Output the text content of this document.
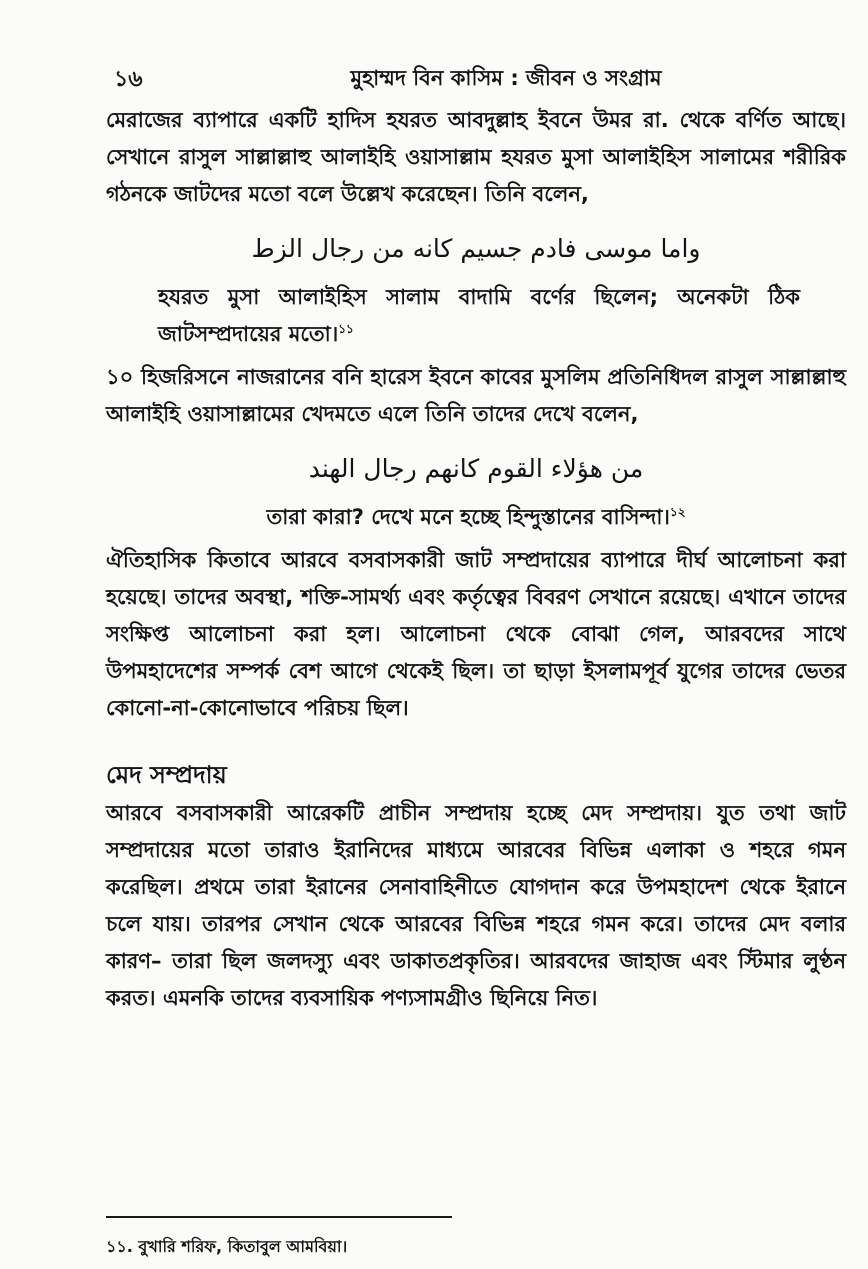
১৬	মুহাম্মদ বিন কাসিম : জীবন ও সংগ্রাম

মেরাজের ব্যাপারে একটি হাদিস হযরত আবদুল্লাহ ইবনে উমর রা. থেকে বর্ণিত আছে। সেখানে রাসুল সাল্লাল্লাহু আলাইহি ওয়াসাল্লাম হযরত মুসা আলাইহিস সালামের শরীরিক গঠনকে জাটদের মতো বলে উল্লেখ করেছেন। তিনি বলেন,

واما موسى فادم جسيم كانه من رجال الزط

হযরত মুসা আলাইহিস সালাম বাদামি বর্ণের ছিলেন; অনেকটা ঠিক জাটসম্প্রদায়ের মতো।$^{১১}$

১০ হিজরিসনে নাজরানের বনি হারেস ইবনে কাবের মুসলিম প্রতিনিধিদল রাসুল সাল্লাল্লাহু আলাইহি ওয়াসাল্লামের খেদমতে এলে তিনি তাদের দেখে বলেন,

من هؤلاء القوم كانهم رجال الهند

তারা কারা? দেখে মনে হচ্ছে হিন্দুস্তানের বাসিন্দা।$^{১২}$

ঐতিহাসিক কিতাবে আরবে বসবাসকারী জাট সম্প্রদায়ের ব্যাপারে দীর্ঘ আলোচনা করা হয়েছে। তাদের অবস্থা, শক্তি-সামর্থ্য এবং কর্তৃত্বের বিবরণ সেখানে রয়েছে। এখানে তাদের সংক্ষিপ্ত আলোচনা করা হল। আলোচনা থেকে বোঝা গেল, আরবদের সাথে উপমহাদেশের সম্পর্ক বেশ আগে থেকেই ছিল। তা ছাড়া ইসলামপূর্ব যুগের তাদের ভেতর কোনো-না-কোনোভাবে পরিচয় ছিল।

মেদ সম্প্রদায়

আরবে বসবাসকারী আরেকটি প্রাচীন সম্প্রদায় হচ্ছে মেদ সম্প্রদায়। যুত তথা জাট সম্প্রদায়ের মতো তারাও ইরানিদের মাধ্যমে আরবের বিভিন্ন এলাকা ও শহরে গমন করেছিল। প্রথমে তারা ইরানের সেনাবাহিনীতে যোগদান করে উপমহাদেশ থেকে ইরানে চলে যায়। তারপর সেখান থেকে আরবের বিভিন্ন শহরে গমন করে। তাদের মেদ বলার কারণ– তারা ছিল জলদস্যু এবং ডাকাতপ্রকৃতির। আরবদের জাহাজ এবং স্টিমার লুণ্ঠন করত। এমনকি তাদের ব্যবসায়িক পণ্যসামগ্রীও ছিনিয়ে নিত।

১১. বুখারি শরিফ, কিতাবুল আমবিয়া।
